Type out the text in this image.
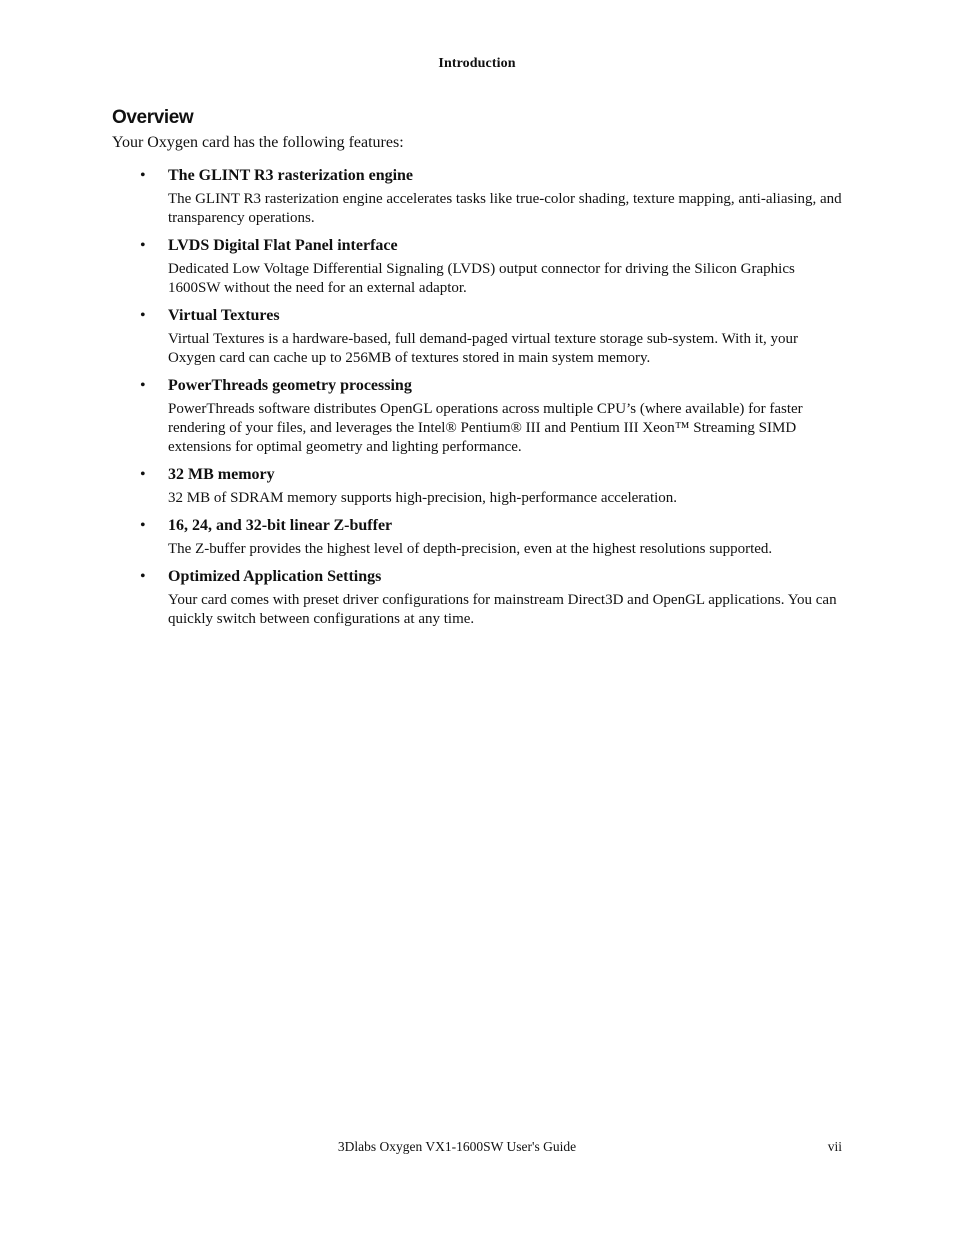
Introduction
Overview

Your Oxygen card has the following features:

• The GLINT R3 rasterization engine
The GLINT R3 rasterization engine accelerates tasks like true-color shading, texture mapping, anti-aliasing, and transparency operations.
• LVDS Digital Flat Panel interface
Dedicated Low Voltage Differential Signaling (LVDS) output connector for driving the Silicon Graphics 1600SW without the need for an external adaptor.
• Virtual Textures
Virtual Textures is a hardware-based, full demand-paged virtual texture storage sub-system. With it, your Oxygen card can cache up to 256MB of textures stored in main system memory.
• PowerThreads geometry processing
PowerThreads software distributes OpenGL operations across multiple CPU’s (where available) for faster rendering of your files, and leverages the Intel® Pentium® III and Pentium III Xeon™ Streaming SIMD extensions for optimal geometry and lighting performance.
• 32 MB memory
32 MB of SDRAM memory supports high-precision, high-performance acceleration.
• 16, 24, and 32-bit linear Z-buffer
The Z-buffer provides the highest level of depth-precision, even at the highest resolutions supported.
• Optimized Application Settings
Your card comes with preset driver configurations for mainstream Direct3D and OpenGL applications. You can quickly switch between configurations at any time.
3Dlabs Oxygen VX1-1600SW User's Guide	vii
